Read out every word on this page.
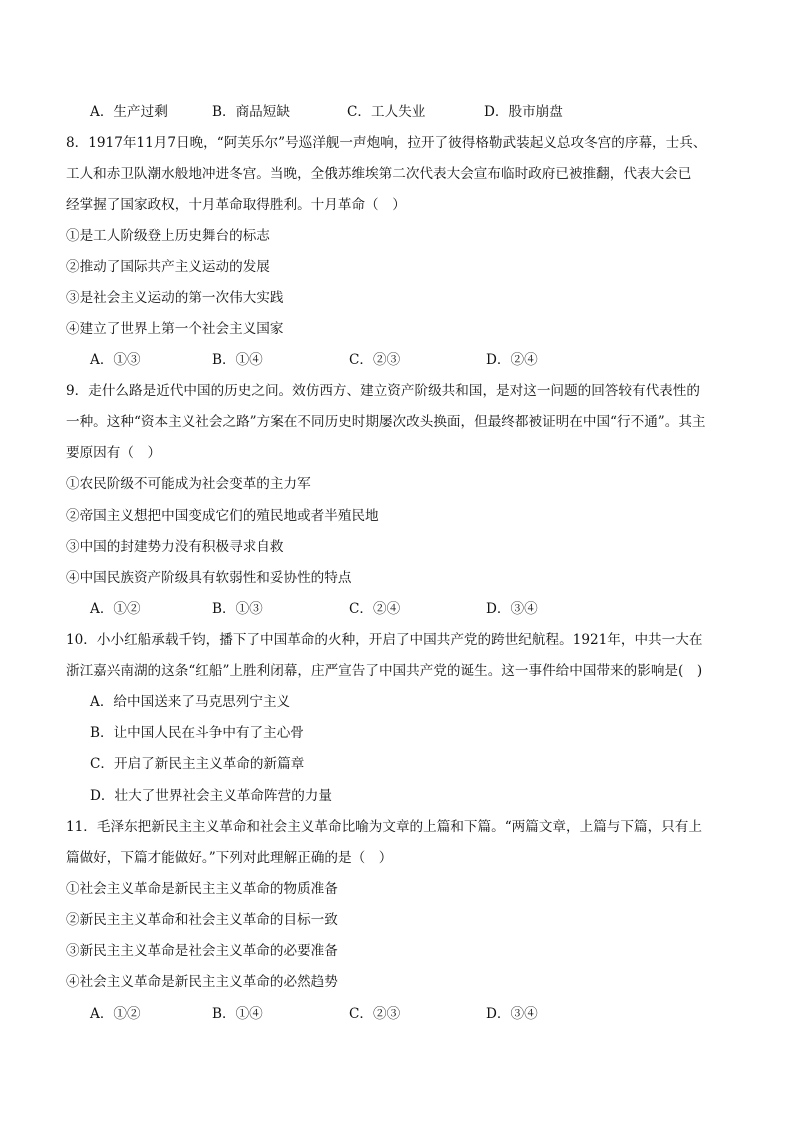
A．生产过剩	B．商品短缺	C．工人失业	D．股市崩盘
8．1917年11月7日晚，“阿芙乐尔”号巡洋舰一声炮响，拉开了彼得格勒武装起义总攻冬宫的序幕，士兵、
工人和赤卫队潮水般地冲进冬宫。当晚，全俄苏维埃第二次代表大会宣布临时政府已被推翻，代表大会已
经掌握了国家政权，十月革命取得胜利。十月革命（　）
①是工人阶级登上历史舞台的标志
②推动了国际共产主义运动的发展
③是社会主义运动的第一次伟大实践
④建立了世界上第一个社会主义国家
A．①③	B．①④	C．②③	D．②④
9．走什么路是近代中国的历史之问。效仿西方、建立资产阶级共和国，是对这一问题的回答较有代表性的
一种。这种“资本主义社会之路”方案在不同历史时期屡次改头换面，但最终都被证明在中国“行不通”。其主
要原因有（　）
①农民阶级不可能成为社会变革的主力军
②帝国主义想把中国变成它们的殖民地或者半殖民地
③中国的封建势力没有积极寻求自救
④中国民族资产阶级具有软弱性和妥协性的特点
A．①②	B．①③	C．②④	D．③④
10．小小红船承载千钧，播下了中国革命的火种，开启了中国共产党的跨世纪航程。1921年，中共一大在
浙江嘉兴南湖的这条“红船”上胜利闭幕，庄严宣告了中国共产党的诞生。这一事件给中国带来的影响是(　)
A．给中国送来了马克思列宁主义
B．让中国人民在斗争中有了主心骨
C．开启了新民主主义革命的新篇章
D．壮大了世界社会主义革命阵营的力量
11．毛泽东把新民主主义革命和社会主义革命比喻为文章的上篇和下篇。“两篇文章，上篇与下篇，只有上
篇做好，下篇才能做好。”下列对此理解正确的是（　）
①社会主义革命是新民主主义革命的物质准备
②新民主主义革命和社会主义革命的目标一致
③新民主主义革命是社会主义革命的必要准备
④社会主义革命是新民主主义革命的必然趋势
A．①②	B．①④	C．②③	D．③④
